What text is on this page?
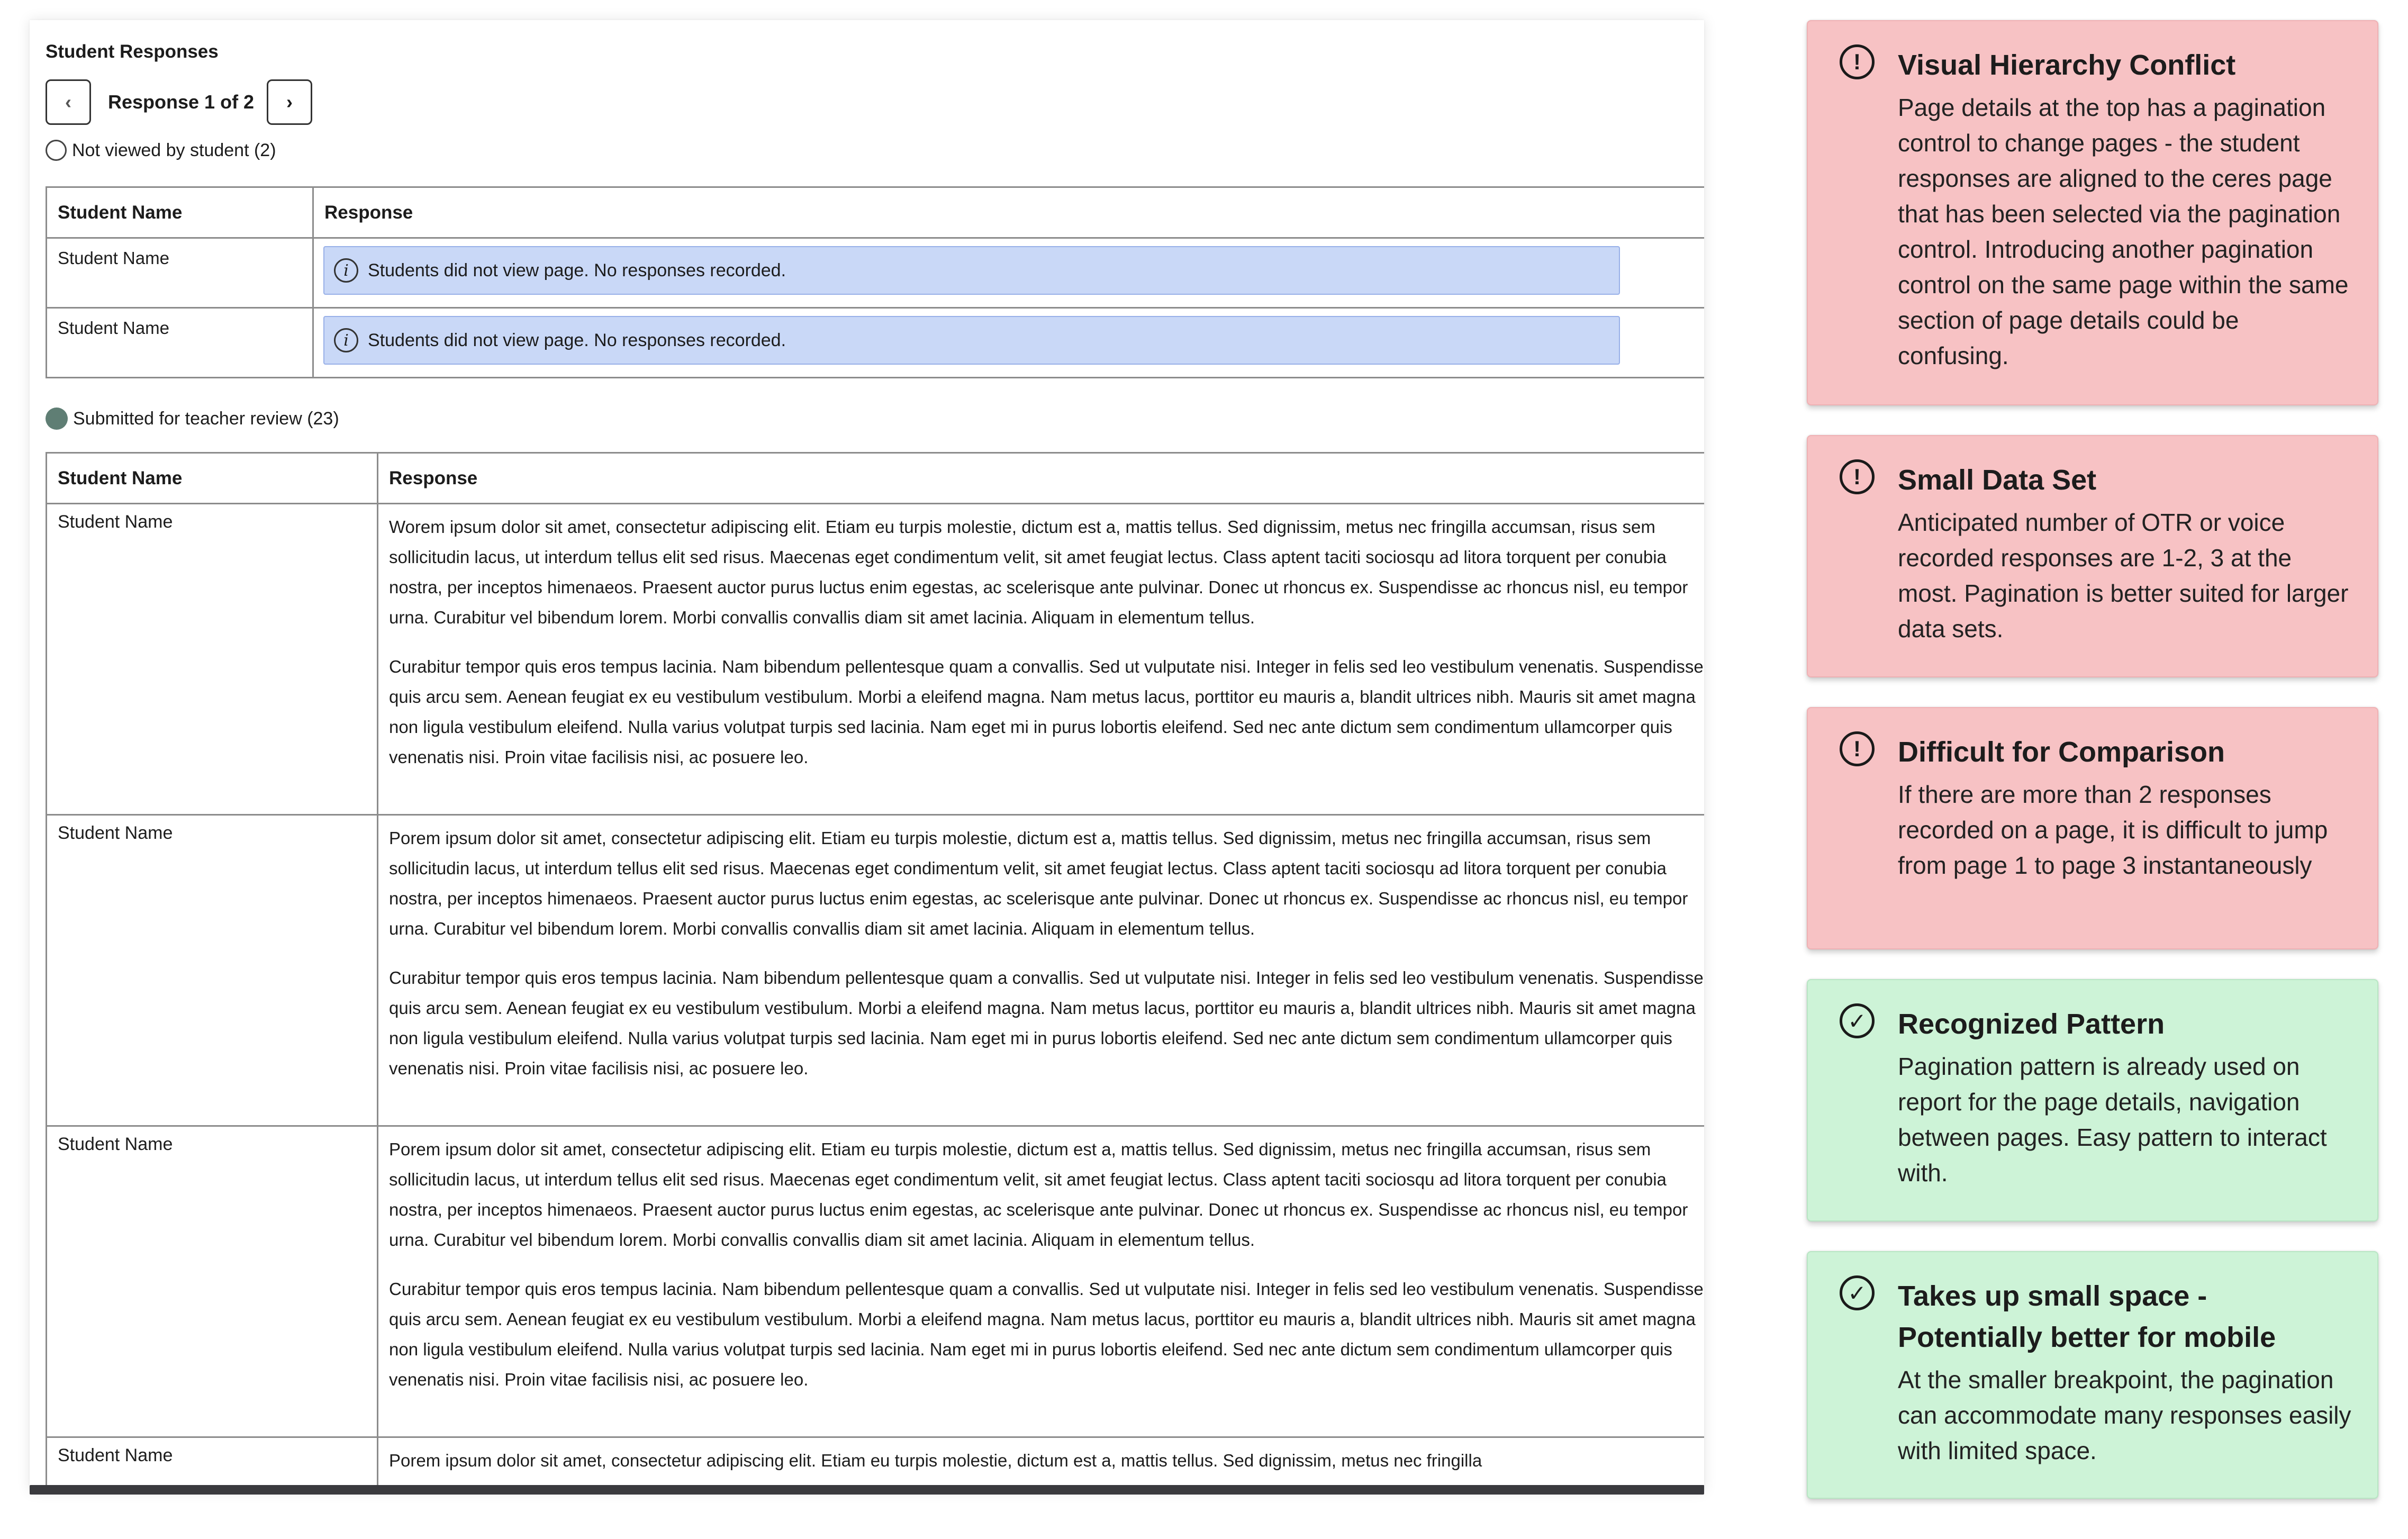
Student Responses
‹ Response 1 of 2 ›
Not viewed by student (2)
Student Name	Response
Student Name	i Students did not view page. No responses recorded.

Student Name	i Students did not view page. No responses recorded.
Submitted for teacher review (23)
Student Name	Response
Student Name	Worem ipsum dolor sit amet, consectetur adipiscing elit. Etiam eu turpis molestie, dictum est a, mattis tellus. Sed dignissim, metus nec fringilla accumsan, risus sem sollicitudin lacus, ut interdum tellus elit sed risus. Maecenas eget condimentum velit, sit amet feugiat lectus. Class aptent taciti sociosqu ad litora torquent per conubia nostra, per inceptos himenaeos. Praesent auctor purus luctus enim egestas, ac scelerisque ante pulvinar. Donec ut rhoncus ex. Suspendisse ac rhoncus nisl, eu tempor urna. Curabitur vel bibendum lorem. Morbi convallis convallis diam sit amet lacinia. Aliquam in elementum tellus.

Curabitur tempor quis eros tempus lacinia. Nam bibendum pellentesque quam a convallis. Sed ut vulputate nisi. Integer in felis sed leo vestibulum venenatis. Suspendisse quis arcu sem. Aenean feugiat ex eu vestibulum vestibulum. Morbi a eleifend magna. Nam metus lacus, porttitor eu mauris a, blandit ultrices nibh. Mauris sit amet magna non ligula vestibulum eleifend. Nulla varius volutpat turpis sed lacinia. Nam eget mi in purus lobortis eleifend. Sed nec ante dictum sem condimentum ullamcorper quis venenatis nisi. Proin vitae facilisis nisi, ac posuere leo.

Student Name	Porem ipsum dolor sit amet, consectetur adipiscing elit. Etiam eu turpis molestie, dictum est a, mattis tellus. Sed dignissim, metus nec fringilla accumsan, risus sem sollicitudin lacus, ut interdum tellus elit sed risus. Maecenas eget condimentum velit, sit amet feugiat lectus. Class aptent taciti sociosqu ad litora torquent per conubia nostra, per inceptos himenaeos. Praesent auctor purus luctus enim egestas, ac scelerisque ante pulvinar. Donec ut rhoncus ex. Suspendisse ac rhoncus nisl, eu tempor urna. Curabitur vel bibendum lorem. Morbi convallis convallis diam sit amet lacinia. Aliquam in elementum tellus.

Curabitur tempor quis eros tempus lacinia. Nam bibendum pellentesque quam a convallis. Sed ut vulputate nisi. Integer in felis sed leo vestibulum venenatis. Suspendisse quis arcu sem. Aenean feugiat ex eu vestibulum vestibulum. Morbi a eleifend magna. Nam metus lacus, porttitor eu mauris a, blandit ultrices nibh. Mauris sit amet magna non ligula vestibulum eleifend. Nulla varius volutpat turpis sed lacinia. Nam eget mi in purus lobortis eleifend. Sed nec ante dictum sem condimentum ullamcorper quis venenatis nisi. Proin vitae facilisis nisi, ac posuere leo.

Student Name	Porem ipsum dolor sit amet, consectetur adipiscing elit. Etiam eu turpis molestie, dictum est a, mattis tellus. Sed dignissim, metus nec fringilla accumsan, risus sem sollicitudin lacus, ut interdum tellus elit sed risus. Maecenas eget condimentum velit, sit amet feugiat lectus. Class aptent taciti sociosqu ad litora torquent per conubia nostra, per inceptos himenaeos. Praesent auctor purus luctus enim egestas, ac scelerisque ante pulvinar. Donec ut rhoncus ex. Suspendisse ac rhoncus nisl, eu tempor urna. Curabitur vel bibendum lorem. Morbi convallis convallis diam sit amet lacinia. Aliquam in elementum tellus.

Curabitur tempor quis eros tempus lacinia. Nam bibendum pellentesque quam a convallis. Sed ut vulputate nisi. Integer in felis sed leo vestibulum venenatis. Suspendisse quis arcu sem. Aenean feugiat ex eu vestibulum vestibulum. Morbi a eleifend magna. Nam metus lacus, porttitor eu mauris a, blandit ultrices nibh. Mauris sit amet magna non ligula vestibulum eleifend. Nulla varius volutpat turpis sed lacinia. Nam eget mi in purus lobortis eleifend. Sed nec ante dictum sem condimentum ullamcorper quis venenatis nisi. Proin vitae facilisis nisi, ac posuere leo.

Student Name	Porem ipsum dolor sit amet, consectetur adipiscing elit. Etiam eu turpis molestie, dictum est a, mattis tellus. Sed dignissim, metus nec fringilla

!	Visual Hierarchy Conflict
Page details at the top has a pagination control to change pages - the student responses are aligned to the ceres page that has been selected via the pagination control. Introducing another pagination control on the same page within the same section of page details could be confusing.
!	Small Data Set
Anticipated number of OTR or voice recorded responses are 1-2, 3 at the most. Pagination is better suited for larger data sets.
!	Difficult for Comparison
If there are more than 2 responses recorded on a page, it is difficult to jump from page 1 to page 3 instantaneously
✓ Recognized Pattern
Pagination pattern is already used on report for the page details, navigation between pages. Easy pattern to interact with.
✓ Takes up small space - Potentially better for mobile
At the smaller breakpoint, the pagination can accommodate many responses easily with limited space.
